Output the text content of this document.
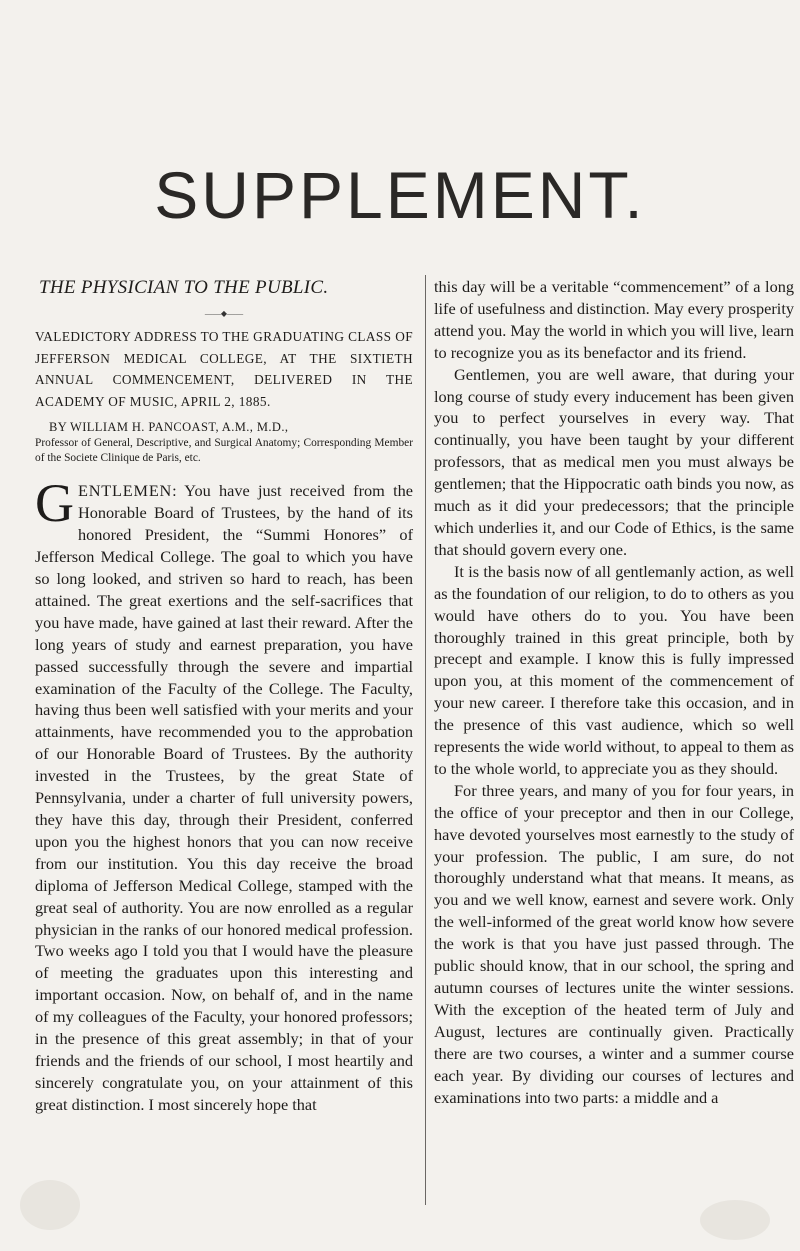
SUPPLEMENT.

THE PHYSICIAN TO THE PUBLIC.

——◆——

VALEDICTORY ADDRESS TO THE GRADUATING CLASS OF JEFFERSON MEDICAL COLLEGE, AT THE SIXTIETH ANNUAL COMMENCEMENT, DELIVERED IN THE ACADEMY OF MUSIC, APRIL 2, 1885.

BY WILLIAM H. PANCOAST, A.M., M.D.,

Professor of General, Descriptive, and Surgical Anatomy; Corresponding Member of the Societe Clinique de Paris, etc.

GENTLEMEN: You have just received from the Honorable Board of Trustees, by the hand of its honored President, the “Summi Honores” of Jefferson Medical College. The goal to which you have so long looked, and striven so hard to reach, has been attained. The great exertions and the self-sacrifices that you have made, have gained at last their reward. After the long years of study and earnest preparation, you have passed successfully through the severe and impartial examination of the Faculty of the College. The Faculty, having thus been well satisfied with your merits and your attainments, have recommended you to the approbation of our Honorable Board of Trustees. By the authority invested in the Trustees, by the great State of Pennsylvania, under a charter of full university powers, they have this day, through their President, conferred upon you the highest honors that you can now receive from our institution. You this day receive the broad diploma of Jefferson Medical College, stamped with the great seal of authority. You are now enrolled as a regular physician in the ranks of our honored medical profession. Two weeks ago I told you that I would have the pleasure of meeting the graduates upon this interesting and important occasion. Now, on behalf of, and in the name of my colleagues of the Faculty, your honored professors; in the presence of this great assembly; in that of your friends and the friends of our school, I most heartily and sincerely congratulate you, on your attainment of this great distinction. I most sincerely hope that

this day will be a veritable “commencement” of a long life of usefulness and distinction. May every prosperity attend you. May the world in which you will live, learn to recognize you as its benefactor and its friend.

Gentlemen, you are well aware, that during your long course of study every inducement has been given you to perfect yourselves in every way. That continually, you have been taught by your different professors, that as medical men you must always be gentlemen; that the Hippocratic oath binds you now, as much as it did your predecessors; that the principle which underlies it, and our Code of Ethics, is the same that should govern every one.

It is the basis now of all gentlemanly action, as well as the foundation of our religion, to do to others as you would have others do to you. You have been thoroughly trained in this great principle, both by precept and example. I know this is fully impressed upon you, at this moment of the commencement of your new career. I therefore take this occasion, and in the presence of this vast audience, which so well represents the wide world without, to appeal to them as to the whole world, to appreciate you as they should.

For three years, and many of you for four years, in the office of your preceptor and then in our College, have devoted yourselves most earnestly to the study of your profession. The public, I am sure, do not thoroughly understand what that means. It means, as you and we well know, earnest and severe work. Only the well-informed of the great world know how severe the work is that you have just passed through. The public should know, that in our school, the spring and autumn courses of lectures unite the winter sessions. With the exception of the heated term of July and August, lectures are continually given. Practically there are two courses, a winter and a summer course each year. By dividing our courses of lectures and examinations into two parts: a middle and a
